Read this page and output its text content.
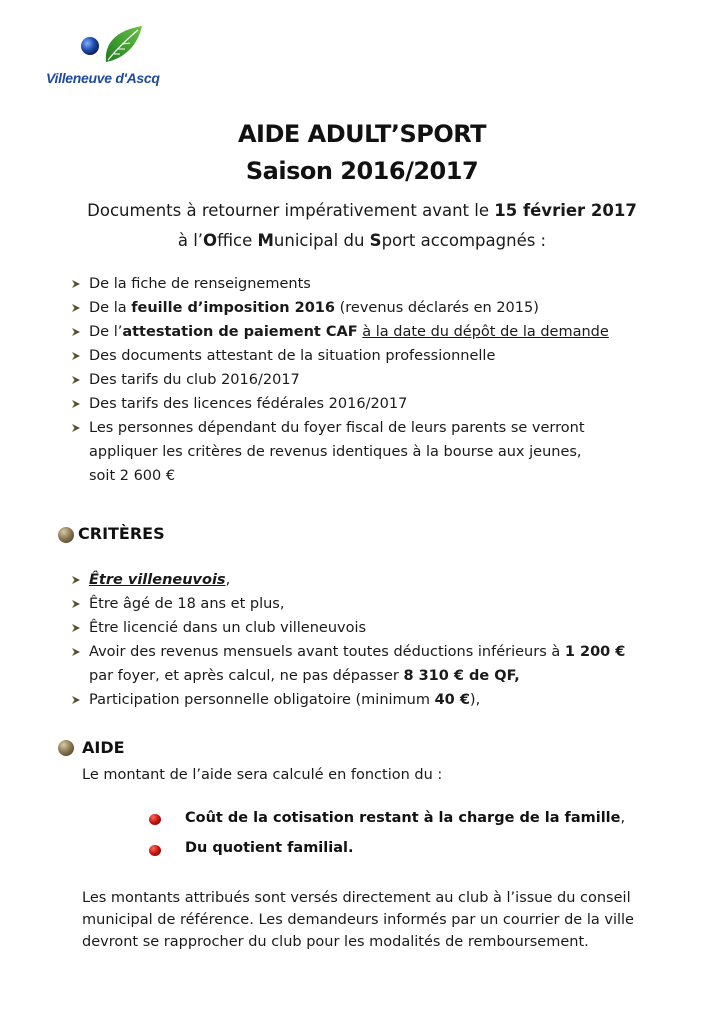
Villeneuve d'Ascq
AIDE ADULT’SPORT
Saison 2016/2017
Documents à retourner impérativement avant le 15 février 2017
à l’Office Municipal du Sport accompagnés :
De la fiche de renseignements
De la feuille d’imposition 2016 (revenus déclarés en 2015)
De l’attestation de paiement CAF à la date du dépôt de la demande
Des documents attestant de la situation professionnelle
Des tarifs du club 2016/2017
Des tarifs des licences fédérales 2016/2017
Les personnes dépendant du foyer fiscal de leurs parents se verront
appliquer les critères de revenus identiques à la bourse aux jeunes,
soit 2 600 €
CRITÈRES
Être villeneuvois,
Être âgé de 18 ans et plus,
Être licencié dans un club villeneuvois
Avoir des revenus mensuels avant toutes déductions inférieurs à 1 200 €
par foyer, et après calcul, ne pas dépasser 8 310 € de QF,
Participation personnelle obligatoire (minimum 40 €),
AIDE
Le montant de l’aide sera calculé en fonction du :
Coût de la cotisation restant à la charge de la famille,
Du quotient familial.

Les montants attribués sont versés directement au club à l’issue du conseil
municipal de référence. Les demandeurs informés par un courrier de la ville
devront se rapprocher du club pour les modalités de remboursement.
